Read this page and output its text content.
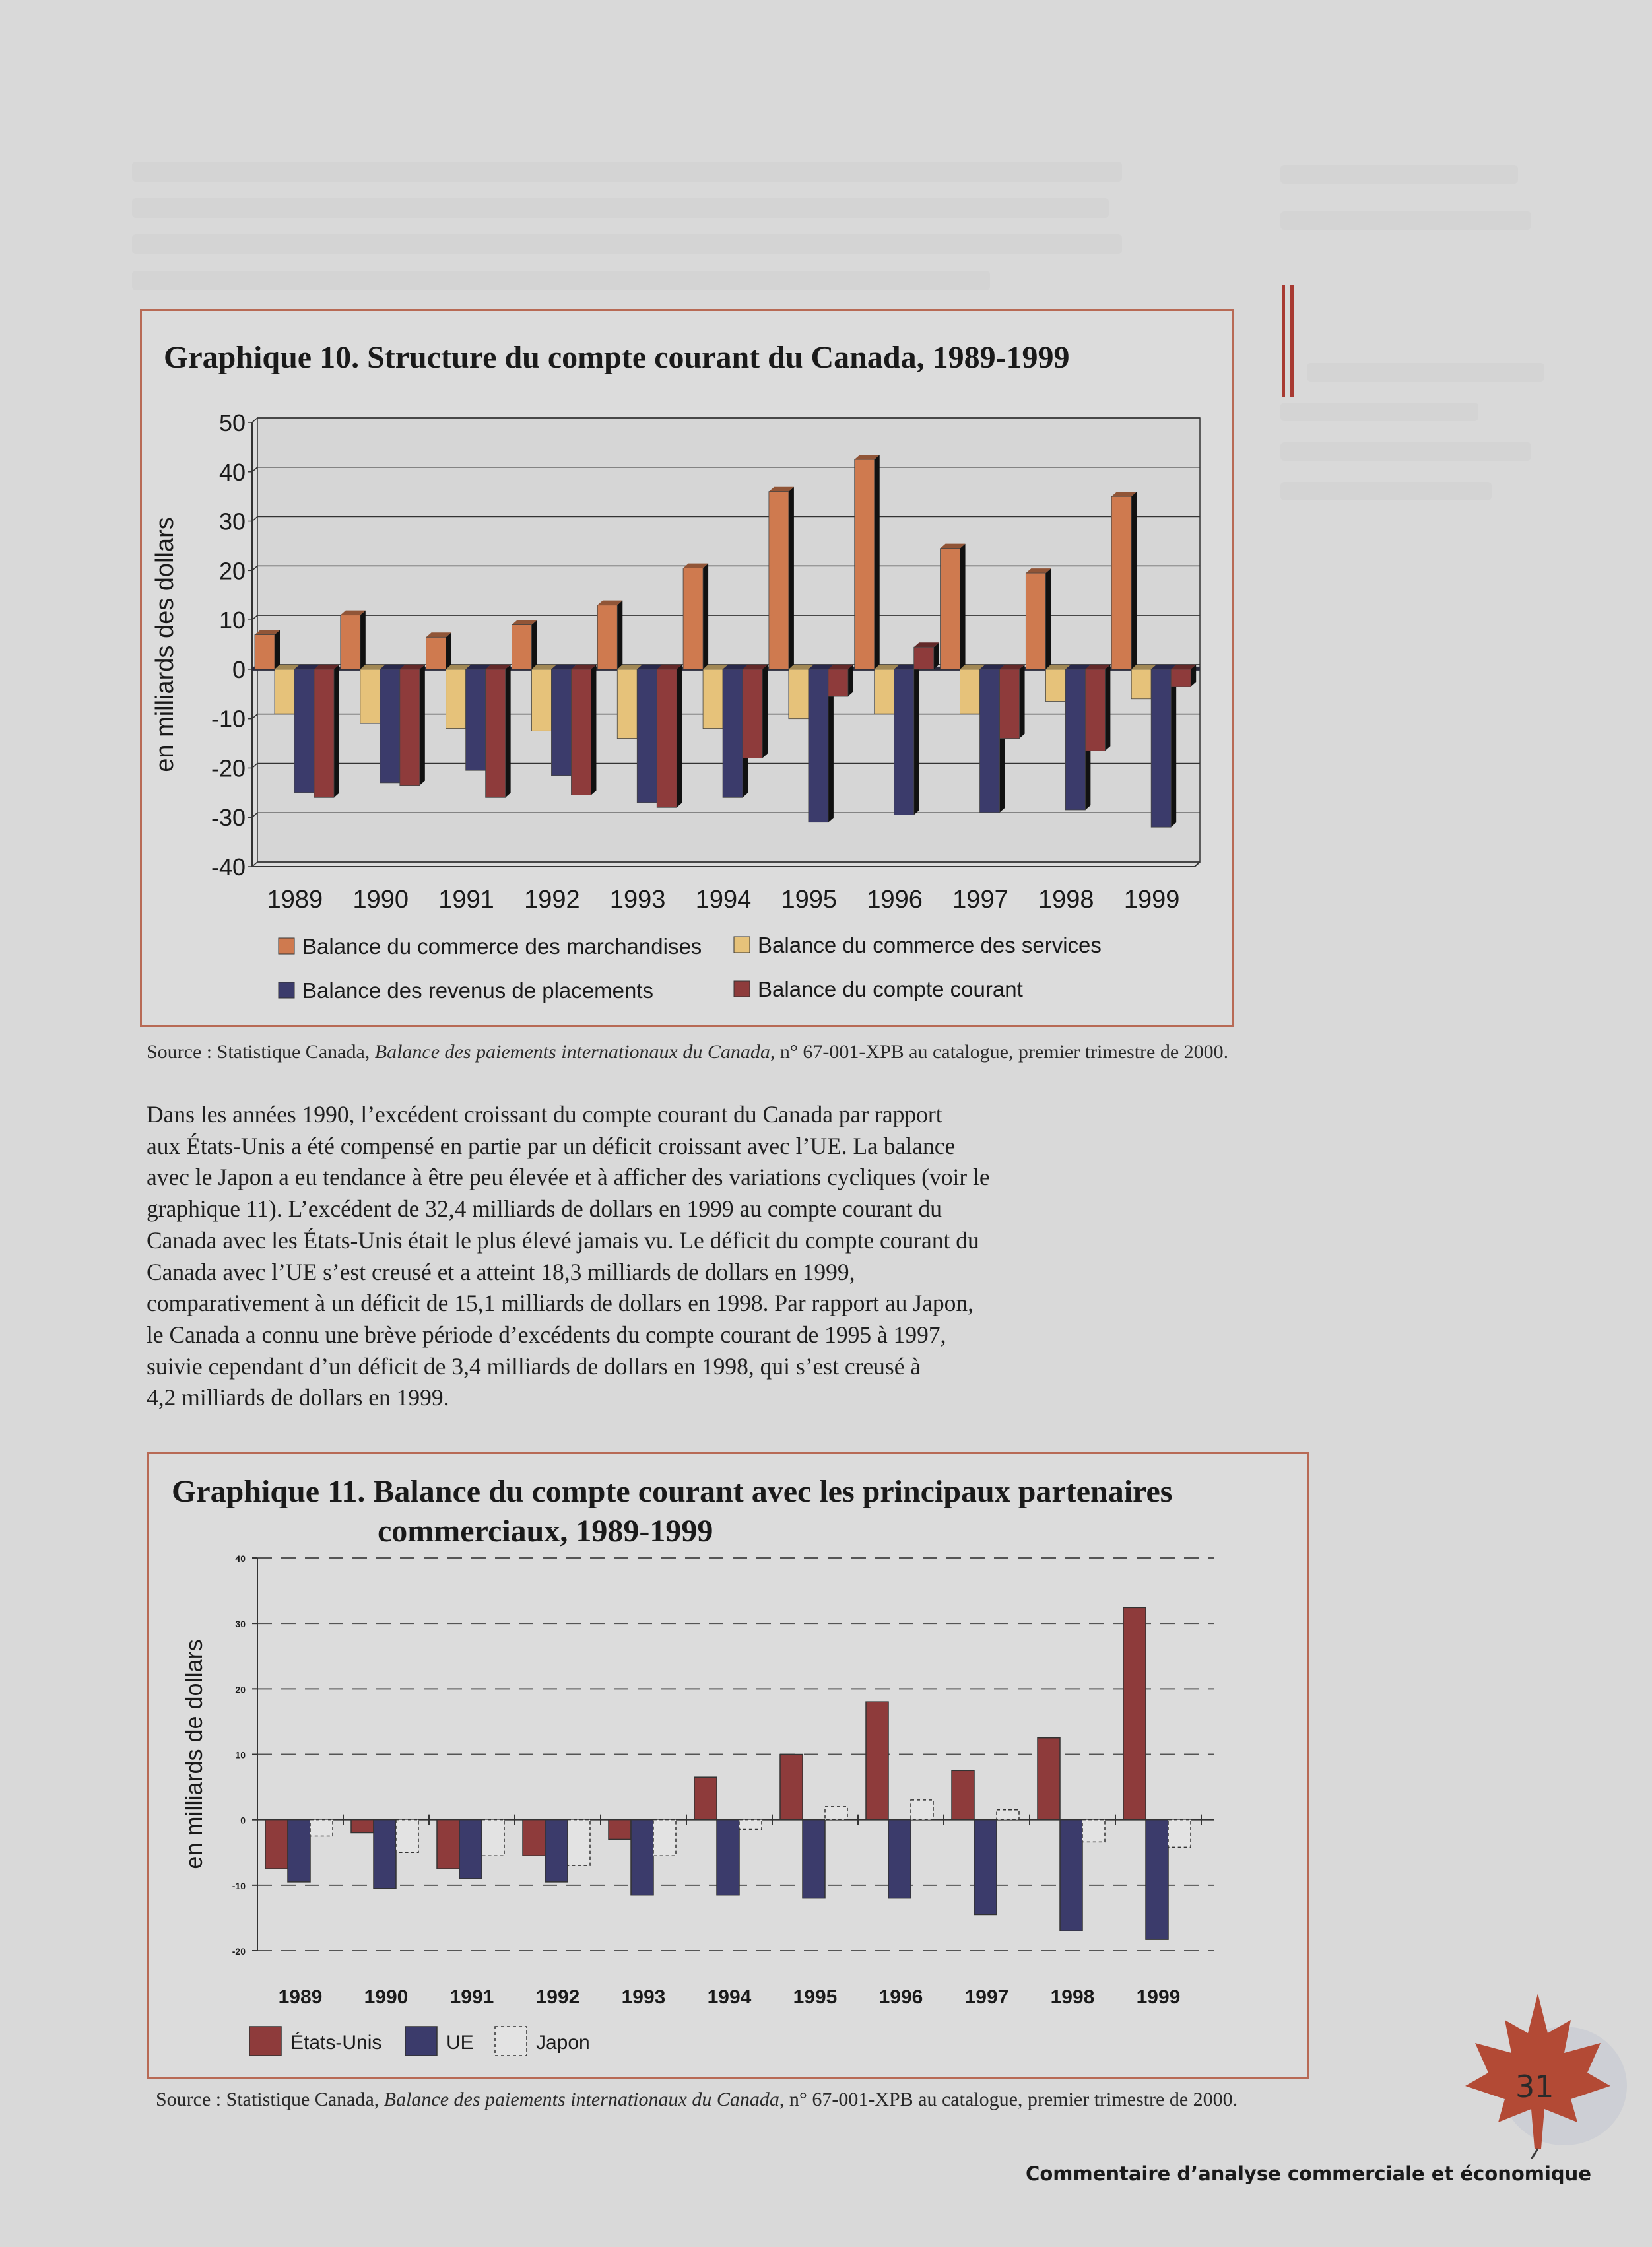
Graphique 10. Structure du compte courant du Canada, 1989-1999
50
40
30
20
10
0
-10
-20
-30
-40
en milliards des dollars
1989 1990 1991 1992 1993 1994 1995 1996 1997 1998 1999
Balance du commerce des marchandises	Balance du commerce des services
Balance des revenus de placements	Balance du compte courant
Source : Statistique Canada, Balance des paiements internationaux du Canada, n° 67-001-XPB au catalogue, premier trimestre de 2000.
Dans les années 1990, l’excédent croissant du compte courant du Canada par rapport
aux États-Unis a été compensé en partie par un déficit croissant avec l’UE. La balance
avec le Japon a eu tendance à être peu élevée et à afficher des variations cycliques (voir le
graphique 11). L’excédent de 32,4 milliards de dollars en 1999 au compte courant du
Canada avec les États-Unis était le plus élevé jamais vu. Le déficit du compte courant du
Canada avec l’UE s’est creusé et a atteint 18,3 milliards de dollars en 1999,
comparativement à un déficit de 15,1 milliards de dollars en 1998. Par rapport au Japon,
le Canada a connu une brève période d’excédents du compte courant de 1995 à 1997,
suivie cependant d’un déficit de 3,4 milliards de dollars en 1998, qui s’est creusé à
4,2 milliards de dollars en 1999.
Graphique 11. Balance du compte courant avec les principaux partenaires
commerciaux, 1989-1999
40
30
20
10
0
-10
-20
en milliards de dollars
1989 1990 1991 1992 1993 1994 1995 1996 1997 1998 1999
États-Unis	UE	Japon
Source : Statistique Canada, Balance des paiements internationaux du Canada, n° 67-001-XPB au catalogue, premier trimestre de 2000.	31
Commentaire d’analyse commerciale et économique
